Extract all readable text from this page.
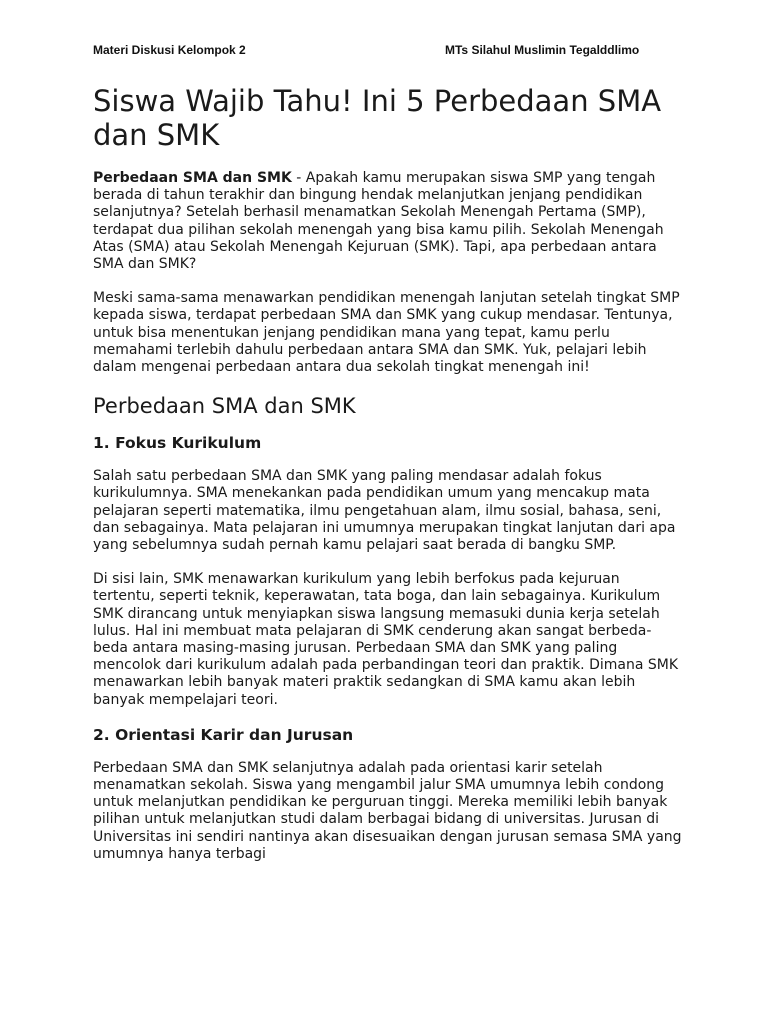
Materi Diskusi Kelompok 2	MTs Silahul Muslimin Tegalddlimo
Siswa Wajib Tahu! Ini 5 Perbedaan SMA dan SMK

Perbedaan SMA dan SMK - Apakah kamu merupakan siswa SMP yang tengah berada di tahun terakhir dan bingung hendak melanjutkan jenjang pendidikan selanjutnya? Setelah berhasil menamatkan Sekolah Menengah Pertama (SMP), terdapat dua pilihan sekolah menengah yang bisa kamu pilih. Sekolah Menengah Atas (SMA) atau Sekolah Menengah Kejuruan (SMK). Tapi, apa perbedaan antara SMA dan SMK?

Meski sama-sama menawarkan pendidikan menengah lanjutan setelah tingkat SMP kepada siswa, terdapat perbedaan SMA dan SMK yang cukup mendasar. Tentunya, untuk bisa menentukan jenjang pendidikan mana yang tepat, kamu perlu memahami terlebih dahulu perbedaan antara SMA dan SMK. Yuk, pelajari lebih dalam mengenai perbedaan antara dua sekolah tingkat menengah ini!

Perbedaan SMA dan SMK
1. Fokus Kurikulum

Salah satu perbedaan SMA dan SMK yang paling mendasar adalah fokus kurikulumnya. SMA menekankan pada pendidikan umum yang mencakup mata pelajaran seperti matematika, ilmu pengetahuan alam, ilmu sosial, bahasa, seni, dan sebagainya. Mata pelajaran ini umumnya merupakan tingkat lanjutan dari apa yang sebelumnya sudah pernah kamu pelajari saat berada di bangku SMP.

Di sisi lain, SMK menawarkan kurikulum yang lebih berfokus pada kejuruan tertentu, seperti teknik, keperawatan, tata boga, dan lain sebagainya. Kurikulum SMK dirancang untuk menyiapkan siswa langsung memasuki dunia kerja setelah lulus. Hal ini membuat mata pelajaran di SMK cenderung akan sangat berbeda-beda antara masing-masing jurusan. Perbedaan SMA dan SMK yang paling mencolok dari kurikulum adalah pada perbandingan teori dan praktik. Dimana SMK menawarkan lebih banyak materi praktik sedangkan di SMA kamu akan lebih banyak mempelajari teori.

2. Orientasi Karir dan Jurusan

Perbedaan SMA dan SMK selanjutnya adalah pada orientasi karir setelah menamatkan sekolah. Siswa yang mengambil jalur SMA umumnya lebih condong untuk melanjutkan pendidikan ke perguruan tinggi. Mereka memiliki lebih banyak pilihan untuk melanjutkan studi dalam berbagai bidang di universitas. Jurusan di Universitas ini sendiri nantinya akan disesuaikan dengan jurusan semasa SMA yang umumnya hanya terbagi
